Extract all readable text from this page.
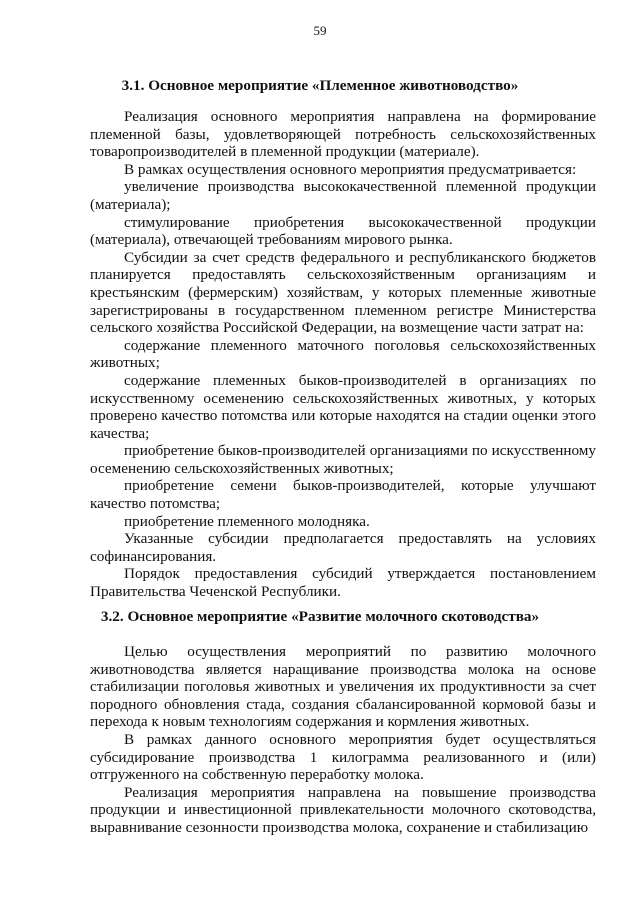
59
3.1. Основное мероприятие «Племенное животноводство»

Реализация основного мероприятия направлена на формирование племенной базы, удовлетворяющей потребность сельскохозяйственных товаропроизводителей в племенной продукции (материале).

В рамках осуществления основного мероприятия предусматривается:

увеличение производства высококачественной племенной продукции (материала);

стимулирование приобретения высококачественной продукции (материала), отвечающей требованиям мирового рынка.

Субсидии за счет средств федерального и республиканского бюджетов планируется предоставлять сельскохозяйственным организациям и крестьянским (фермерским) хозяйствам, у которых племенные животные зарегистрированы в государственном племенном регистре Министерства сельского хозяйства Российской Федерации, на возмещение части затрат на:

содержание племенного маточного поголовья сельскохозяйственных животных;

содержание племенных быков-производителей в организациях по искусственному осеменению сельскохозяйственных животных, у которых проверено качество потомства или которые находятся на стадии оценки этого качества;

приобретение быков-производителей организациями по искусственному осеменению сельскохозяйственных животных;

приобретение семени быков-производителей, которые улучшают качество потомства;

приобретение племенного молодняка.

Указанные субсидии предполагается предоставлять на условиях софинансирования.

Порядок предоставления субсидий утверждается постановлением Правительства Чеченской Республики.

3.2. Основное мероприятие «Развитие молочного скотоводства»

Целью осуществления мероприятий по развитию молочного животноводства является наращивание производства молока на основе стабилизации поголовья животных и увеличения их продуктивности за счет породного обновления стада, создания сбалансированной кормовой базы и перехода к новым технологиям содержания и кормления животных.

В рамках данного основного мероприятия будет осуществляться субсидирование производства 1 килограмма реализованного и (или) отгруженного на собственную переработку молока.

Реализация мероприятия направлена на повышение производства продукции и инвестиционной привлекательности молочного скотоводства, выравнивание сезонности производства молока, сохранение и стабилизацию
